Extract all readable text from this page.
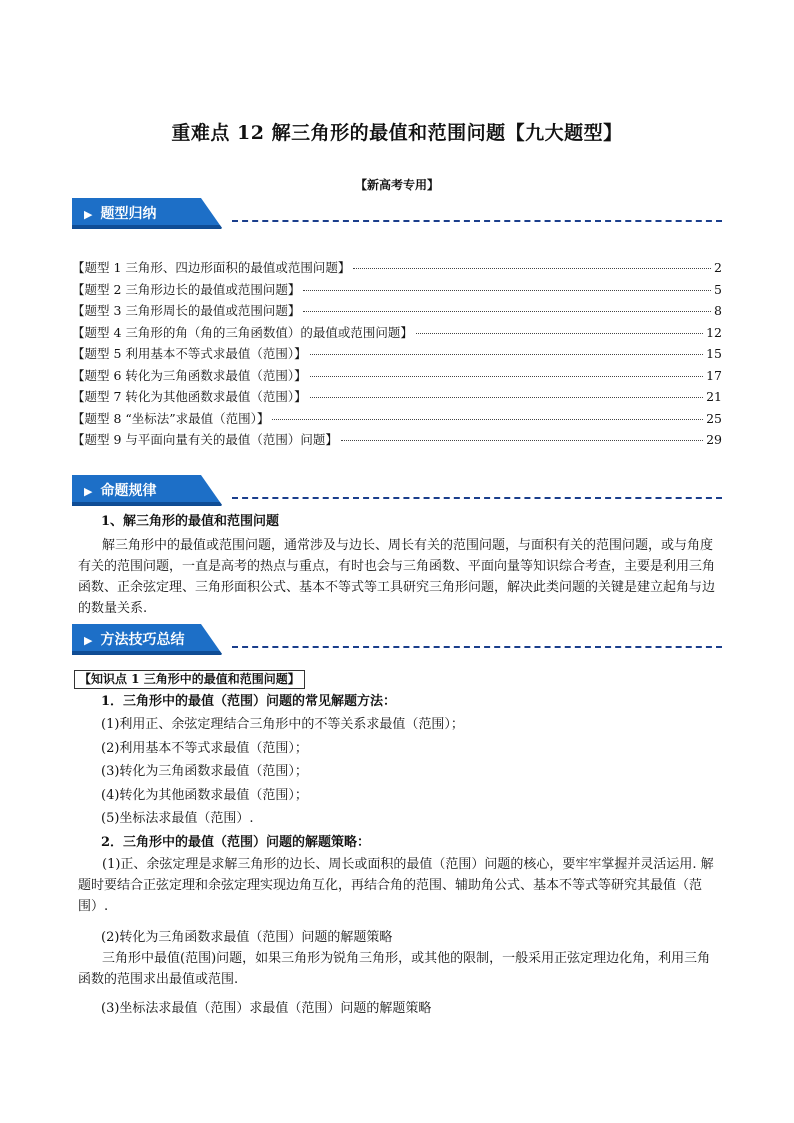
重难点 12 解三角形的最值和范围问题【九大题型】
【新高考专用】
▶ 题型归纳
【题型 1 三角形、四边形面积的最值或范围问题】	2
【题型 2 三角形边长的最值或范围问题】	5
【题型 3 三角形周长的最值或范围问题】	8
【题型 4 三角形的角（角的三角函数值）的最值或范围问题】	12
【题型 5 利用基本不等式求最值（范围）】	15
【题型 6 转化为三角函数求最值（范围）】	17
【题型 7 转化为其他函数求最值（范围）】	21
【题型 8 “坐标法”求最值（范围）】	25
【题型 9 与平面向量有关的最值（范围）问题】	29
▶ 命题规律
1、解三角形的最值和范围问题
解三角形中的最值或范围问题，通常涉及与边长、周长有关的范围问题，与面积有关的范围问题，或与角度有关的范围问题，一直是高考的热点与重点，有时也会与三角函数、平面向量等知识综合考查，主要是利用三角函数、正余弦定理、三角形面积公式、基本不等式等工具研究三角形问题，解决此类问题的关键是建立起角与边的数量关系.
▶ 方法技巧总结
【知识点 1 三角形中的最值和范围问题】
1．三角形中的最值（范围）问题的常见解题方法：
(1)利用正、余弦定理结合三角形中的不等关系求最值（范围）；
(2)利用基本不等式求最值（范围）；
(3)转化为三角函数求最值（范围）；
(4)转化为其他函数求最值（范围）；
(5)坐标法求最值（范围）.
2．三角形中的最值（范围）问题的解题策略：
(1)正、余弦定理是求解三角形的边长、周长或面积的最值（范围）问题的核心，要牢牢掌握并灵活运用. 解题时要结合正弦定理和余弦定理实现边角互化，再结合角的范围、辅助角公式、基本不等式等研究其最值（范围）.
(2)转化为三角函数求最值（范围）问题的解题策略
三角形中最值(范围)问题，如果三角形为锐角三角形，或其他的限制，一般采用正弦定理边化角，利用三角函数的范围求出最值或范围.
(3)坐标法求最值（范围）求最值（范围）问题的解题策略
